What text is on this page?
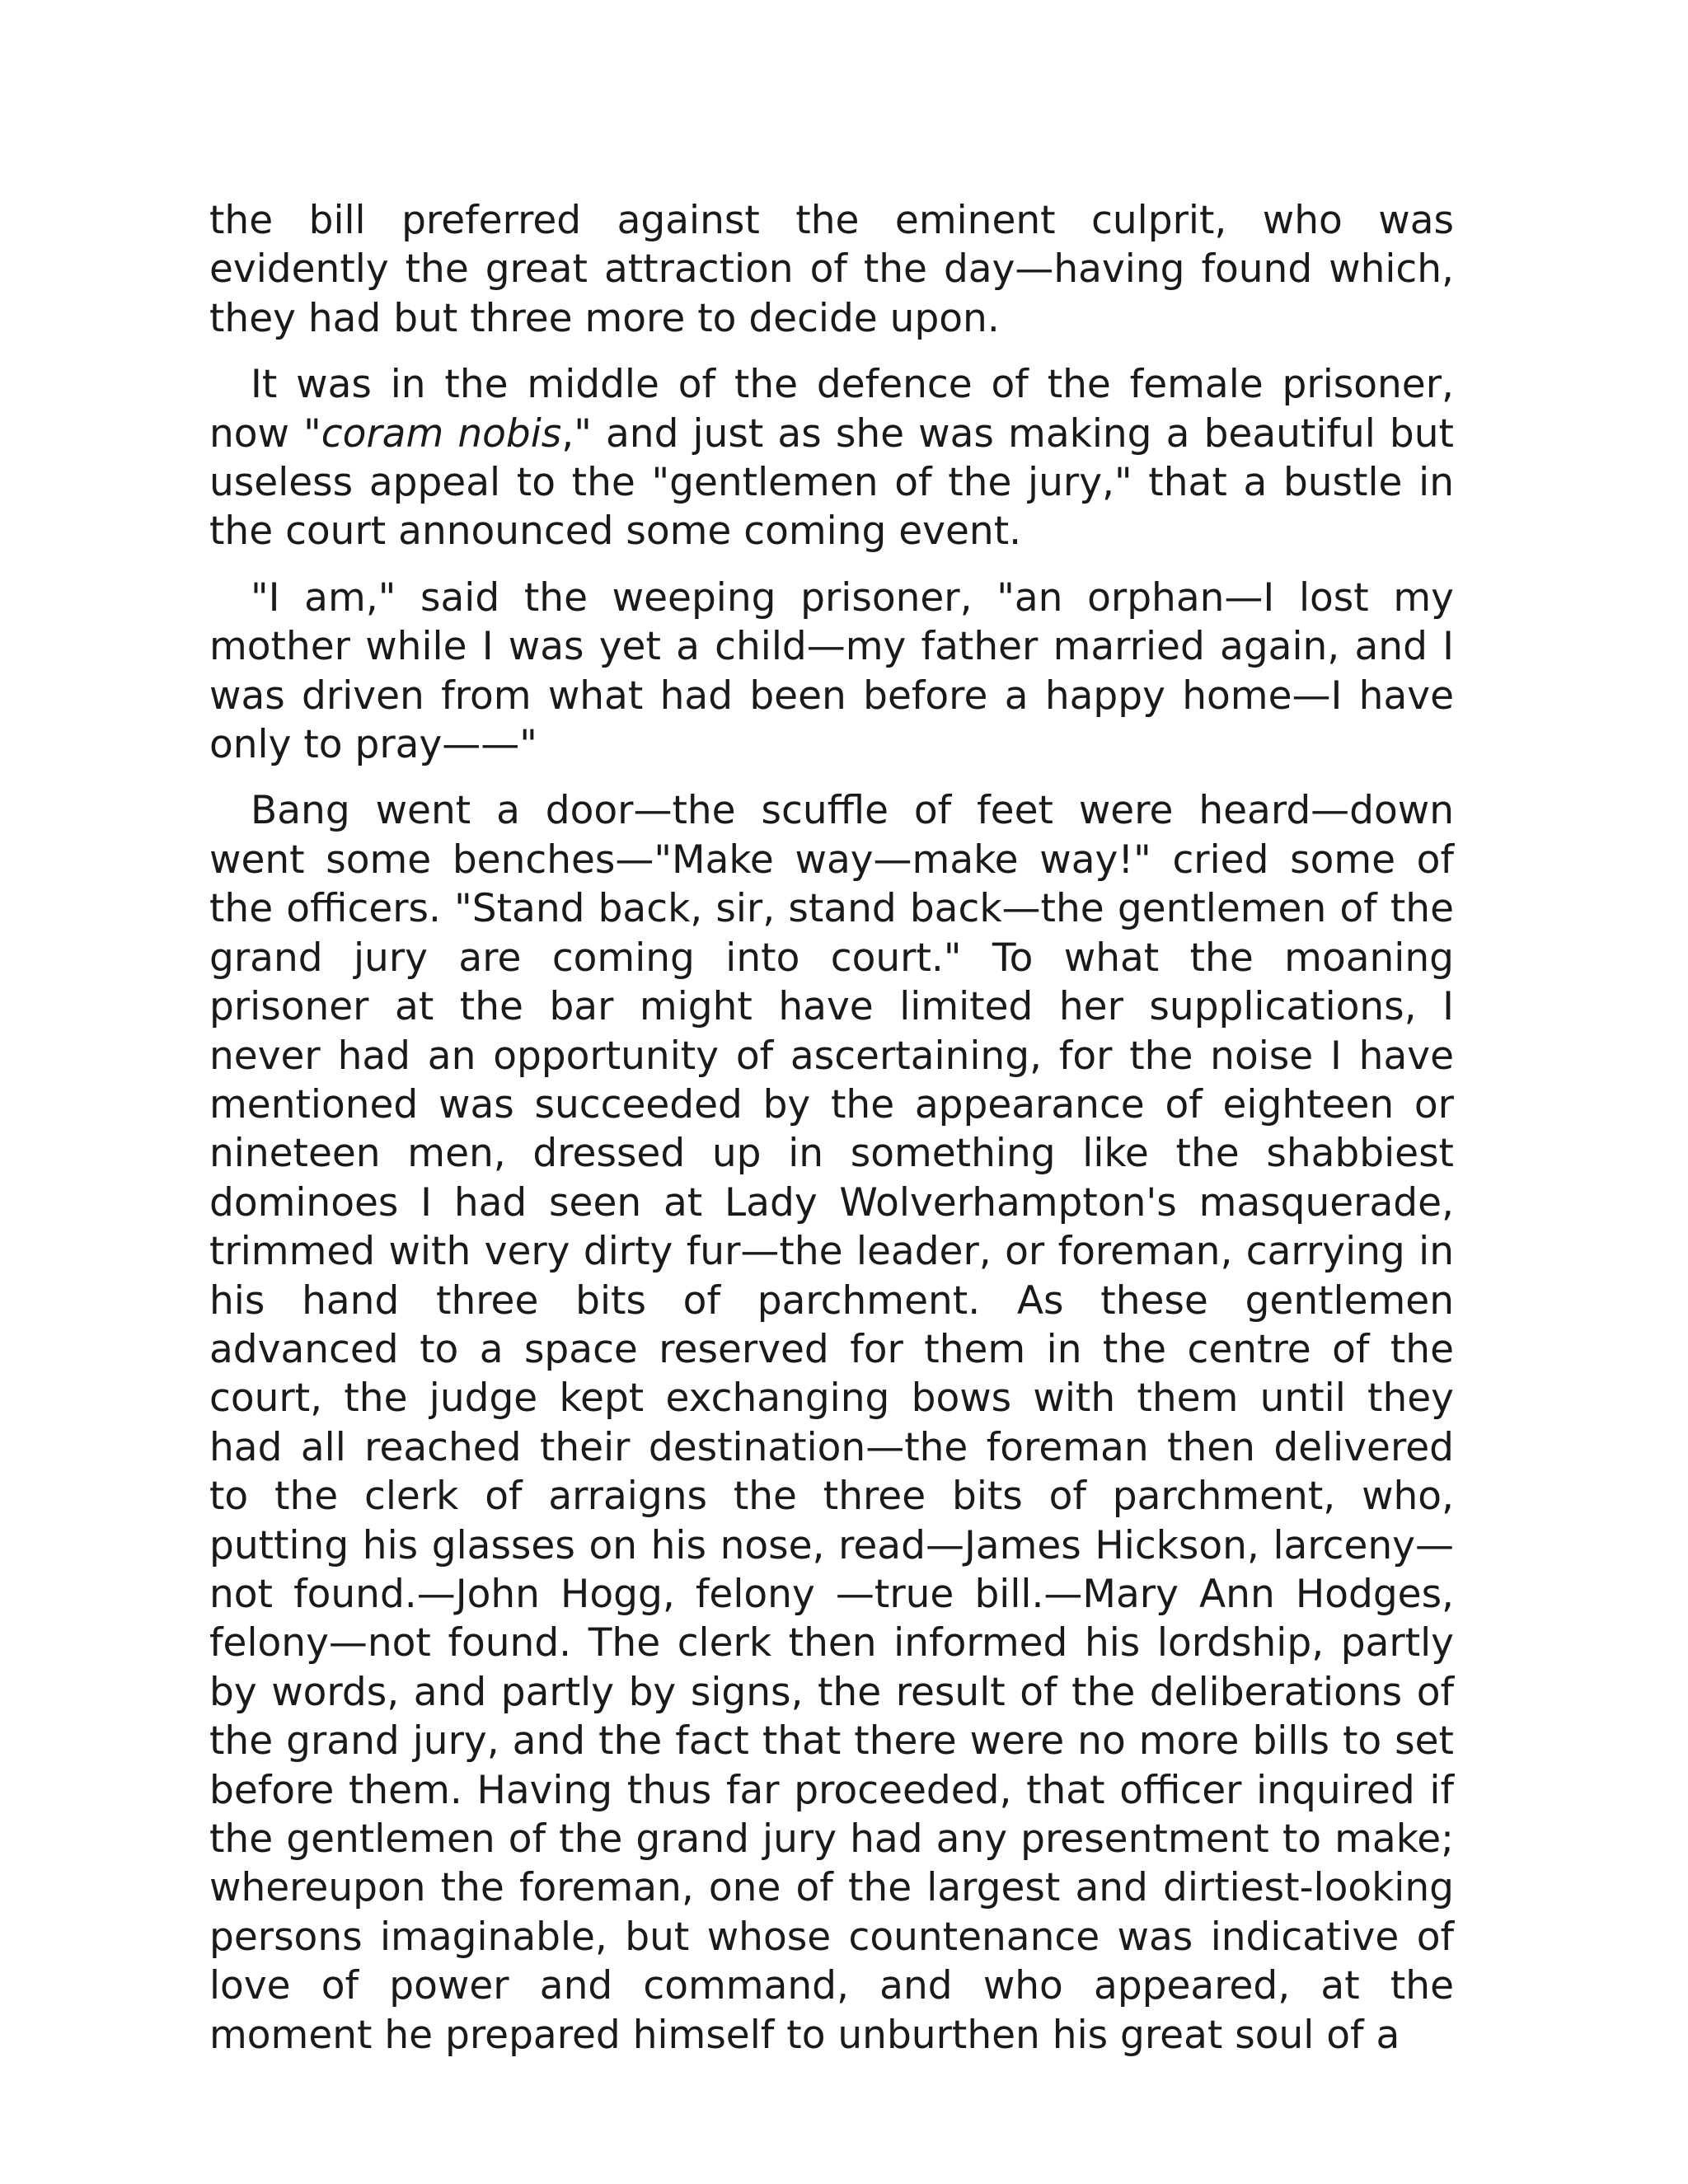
the bill preferred against the eminent culprit, who was evidently the great attraction of the day—having found which, they had but three more to decide upon.

It was in the middle of the defence of the female prisoner, now "coram nobis," and just as she was making a beautiful but useless appeal to the "gentlemen of the jury," that a bustle in the court announced some coming event.

"I am," said the weeping prisoner, "an orphan—I lost my mother while I was yet a child—my father married again, and I was driven from what had been before a happy home—I have only to pray——"

Bang went a door—the scuffle of feet were heard—down went some benches—"Make way—make way!" cried some of the officers. "Stand back, sir, stand back—the gentlemen of the grand jury are coming into court." To what the moaning prisoner at the bar might have limited her supplications, I never had an opportunity of ascertaining, for the noise I have mentioned was succeeded by the appearance of eighteen or nineteen men, dressed up in something like the shabbiest dominoes I had seen at Lady Wolverhampton's masquerade, trimmed with very dirty fur—the leader, or foreman, carrying in his hand three bits of parchment. As these gentlemen advanced to a space reserved for them in the centre of the court, the judge kept exchanging bows with them until they had all reached their destination—the foreman then delivered to the clerk of arraigns the three bits of parchment, who, putting his glasses on his nose, read—James Hickson, larceny—not found.—John Hogg, felony —true bill.—Mary Ann Hodges, felony—not found. The clerk then informed his lordship, partly by words, and partly by signs, the result of the deliberations of the grand jury, and the fact that there were no more bills to set before them. Having thus far proceeded, that officer inquired if the gentlemen of the grand jury had any presentment to make; whereupon the foreman, one of the largest and dirtiest-looking persons imaginable, but whose countenance was indicative of love of power and command, and who appeared, at the moment he prepared himself to unburthen his great soul of a
